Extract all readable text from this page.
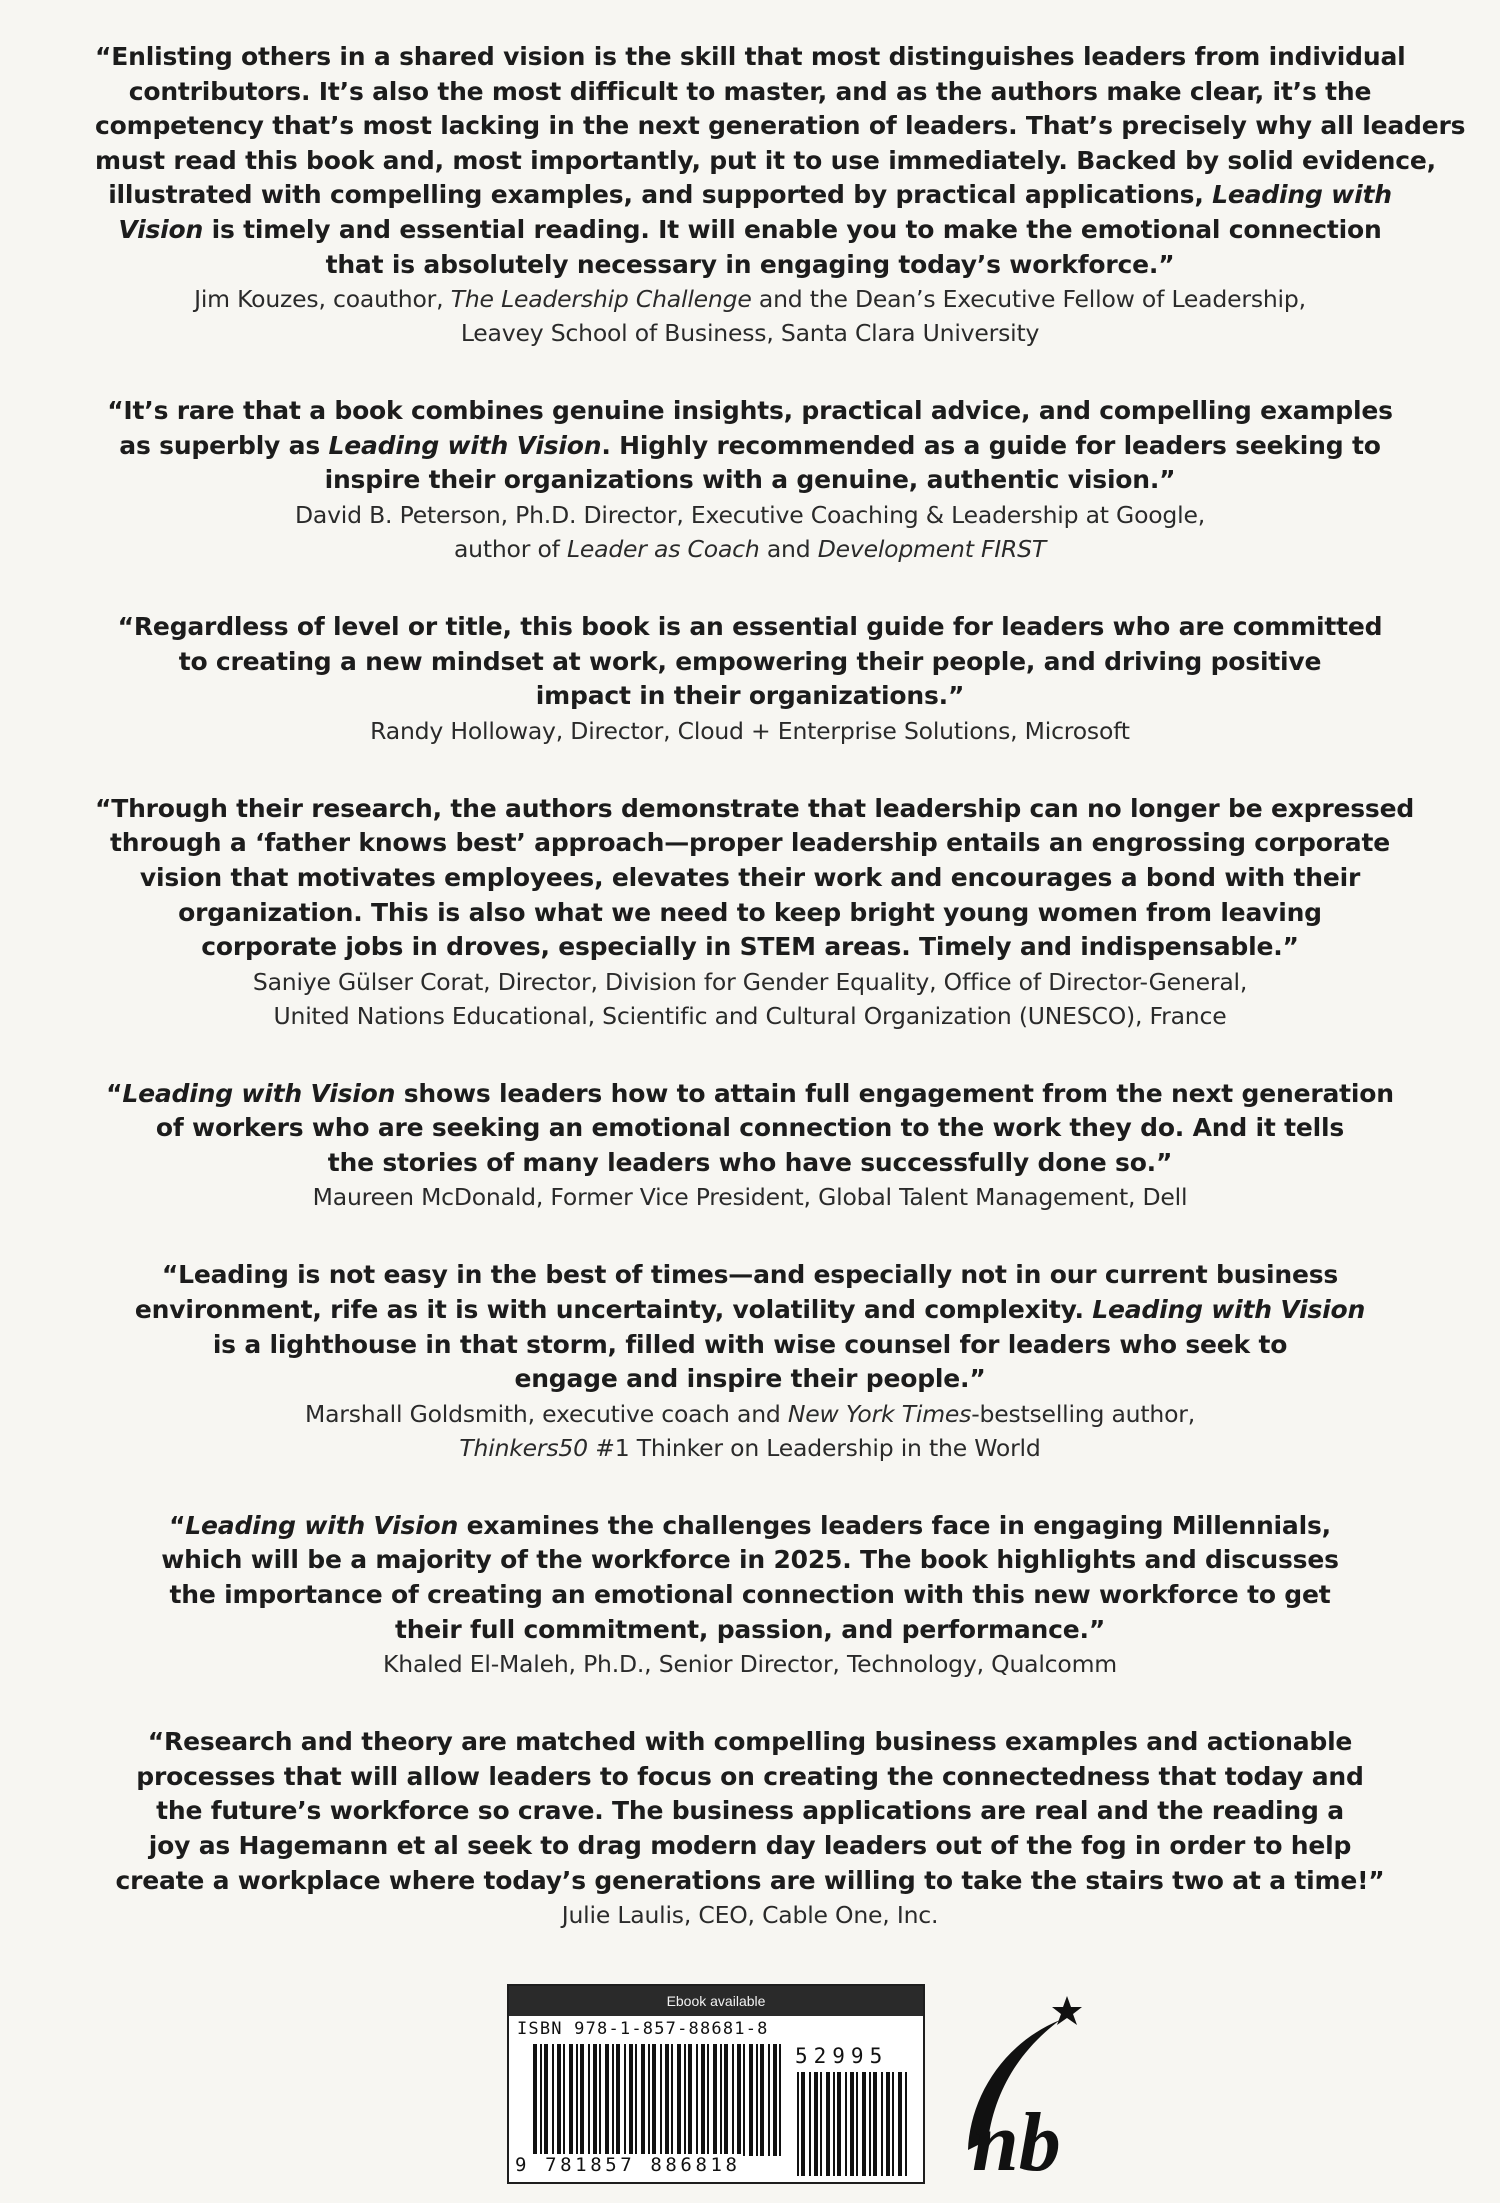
“Enlisting others in a shared vision is the skill that most distinguishes leaders from individual
contributors. It’s also the most difficult to master, and as the authors make clear, it’s the
competency that’s most lacking in the next generation of leaders. That’s precisely why all leaders
must read this book and, most importantly, put it to use immediately. Backed by solid evidence,
illustrated with compelling examples, and supported by practical applications, Leading with
Vision is timely and essential reading. It will enable you to make the emotional connection
that is absolutely necessary in engaging today’s workforce.”
Jim Kouzes, coauthor, The Leadership Challenge and the Dean’s Executive Fellow of Leadership,
Leavey School of Business, Santa Clara University
“It’s rare that a book combines genuine insights, practical advice, and compelling examples
as superbly as Leading with Vision. Highly recommended as a guide for leaders seeking to
inspire their organizations with a genuine, authentic vision.”
David B. Peterson, Ph.D. Director, Executive Coaching & Leadership at Google,
author of Leader as Coach and Development FIRST
“Regardless of level or title, this book is an essential guide for leaders who are committed
to creating a new mindset at work, empowering their people, and driving positive
impact in their organizations.”
Randy Holloway, Director, Cloud + Enterprise Solutions, Microsoft
“Through their research, the authors demonstrate that leadership can no longer be expressed
through a ‘father knows best’ approach—proper leadership entails an engrossing corporate
vision that motivates employees, elevates their work and encourages a bond with their
organization. This is also what we need to keep bright young women from leaving
corporate jobs in droves, especially in STEM areas. Timely and indispensable.”
Saniye Gülser Corat, Director, Division for Gender Equality, Office of Director-General,
United Nations Educational, Scientific and Cultural Organization (UNESCO), France
“Leading with Vision shows leaders how to attain full engagement from the next generation
of workers who are seeking an emotional connection to the work they do. And it tells
the stories of many leaders who have successfully done so.”
Maureen McDonald, Former Vice President, Global Talent Management, Dell
“Leading is not easy in the best of times—and especially not in our current business
environment, rife as it is with uncertainty, volatility and complexity. Leading with Vision
is a lighthouse in that storm, filled with wise counsel for leaders who seek to
engage and inspire their people.”
Marshall Goldsmith, executive coach and New York Times-bestselling author,
Thinkers50 #1 Thinker on Leadership in the World
“Leading with Vision examines the challenges leaders face in engaging Millennials,
which will be a majority of the workforce in 2025. The book highlights and discusses
the importance of creating an emotional connection with this new workforce to get
their full commitment, passion, and performance.”
Khaled El-Maleh, Ph.D., Senior Director, Technology, Qualcomm
“Research and theory are matched with compelling business examples and actionable
processes that will allow leaders to focus on creating the connectedness that today and
the future’s workforce so crave. The business applications are real and the reading a
joy as Hagemann et al seek to drag modern day leaders out of the fog in order to help
create a workplace where today’s generations are willing to take the stairs two at a time!”
Julie Laulis, CEO, Cable One, Inc.
Ebook available
ISBN 978-1-857-88681-8
52995
9 781857 886818	nb
